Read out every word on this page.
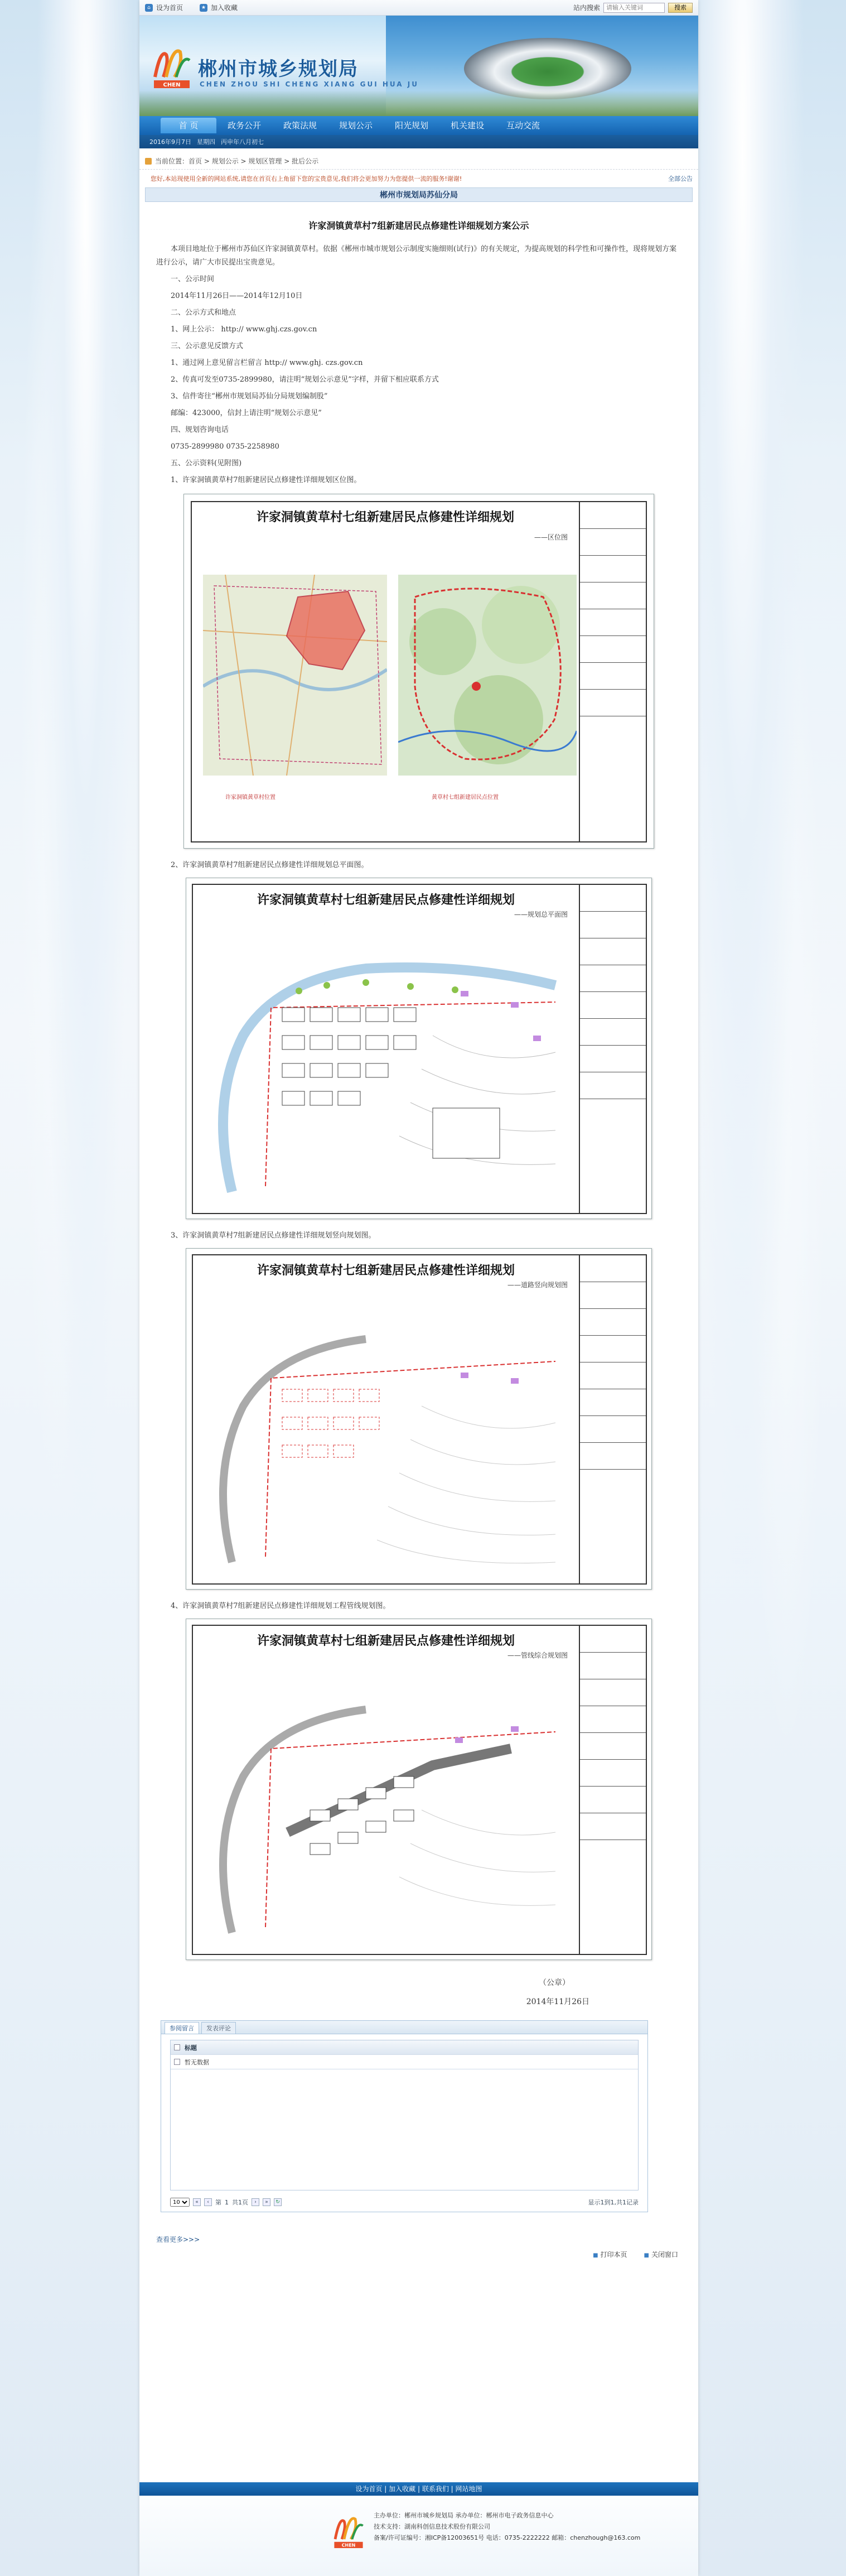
⌂ 设为首页	★ 加入收藏	站内搜索
请输入关键词	搜索
CHEN
郴州市城乡规划局
CHEN ZHOU SHI CHENG XIANG GUI HUA JU
首 页	政务公开	政策法规	规划公示	阳光规划	机关建设	互动交流
2016年9月7日 星期四 丙申年八月初七
当前位置： 首页 > 规划公示 > 规划区管理 > 批后公示
您好,本站现使用全新的网站系统,请您在首页右上角留下您的宝贵意见,我们将会更加努力为您提供一流的服务!谢谢!	全部公告
郴州市规划局苏仙分局
许家洞镇黄草村7组新建居民点修建性详细规划方案公示

本项目地址位于郴州市苏仙区许家洞镇黄草村。依据《郴州市城市规划公示制度实施细则(试行)》的有关规定，为提高规划的科学性和可操作性，现将规划方案进行公示，请广大市民提出宝贵意见。

一、公示时间

2014年11月26日——2014年12月10日

二、公示方式和地点

1、网上公示： http:// www.ghj.czs.gov.cn

三、公示意见反馈方式

1、通过网上意见留言栏留言 http:// www.ghj. czs.gov.cn

2、传真可发至0735-2899980，请注明“规划公示意见”字样，并留下相应联系方式

3、信件寄往“郴州市规划局苏仙分局规划编制股”

邮编：423000，信封上请注明“规划公示意见”

四、规划咨询电话

0735-2899980 0735-2258980

五、公示资料(见附图)

1、许家洞镇黄草村7组新建居民点修建性详细规划区位图。

许家洞镇黄草村七组新建居民点修建性详细规划
——区位图
许家洞镇黄草村位置	黄草村七组新建居民点位置

2、许家洞镇黄草村7组新建居民点修建性详细规划总平面图。

许家洞镇黄草村七组新建居民点修建性详细规划
——规划总平面图

3、许家洞镇黄草村7组新建居民点修建性详细规划竖向规划图。

许家洞镇黄草村七组新建居民点修建性详细规划
——道路竖向规划图

4、许家洞镇黄草村7组新建居民点修建性详细规划工程管线规划图。

许家洞镇黄草村七组新建居民点修建性详细规划
——管线综合规划图
（公章）
2014年11月26日
参阅留言	发表评论
标题
暂无数据
10
«	‹	第 1 共1页	›	»	↻	显示1到1,共1记录
查看更多>>>
■ 打印本页
■	关闭窗口
设为首页 | 加入收藏 | 联系我们 | 网站地图
CHEN
主办单位：郴州市城乡规划局 承办单位：郴州市电子政务信息中心
技术支持：湖南科创信息技术股份有限公司
备案/许可证编号：湘ICP备12003651号 电话：0735-2222222 邮箱：chenzhough@163.com
